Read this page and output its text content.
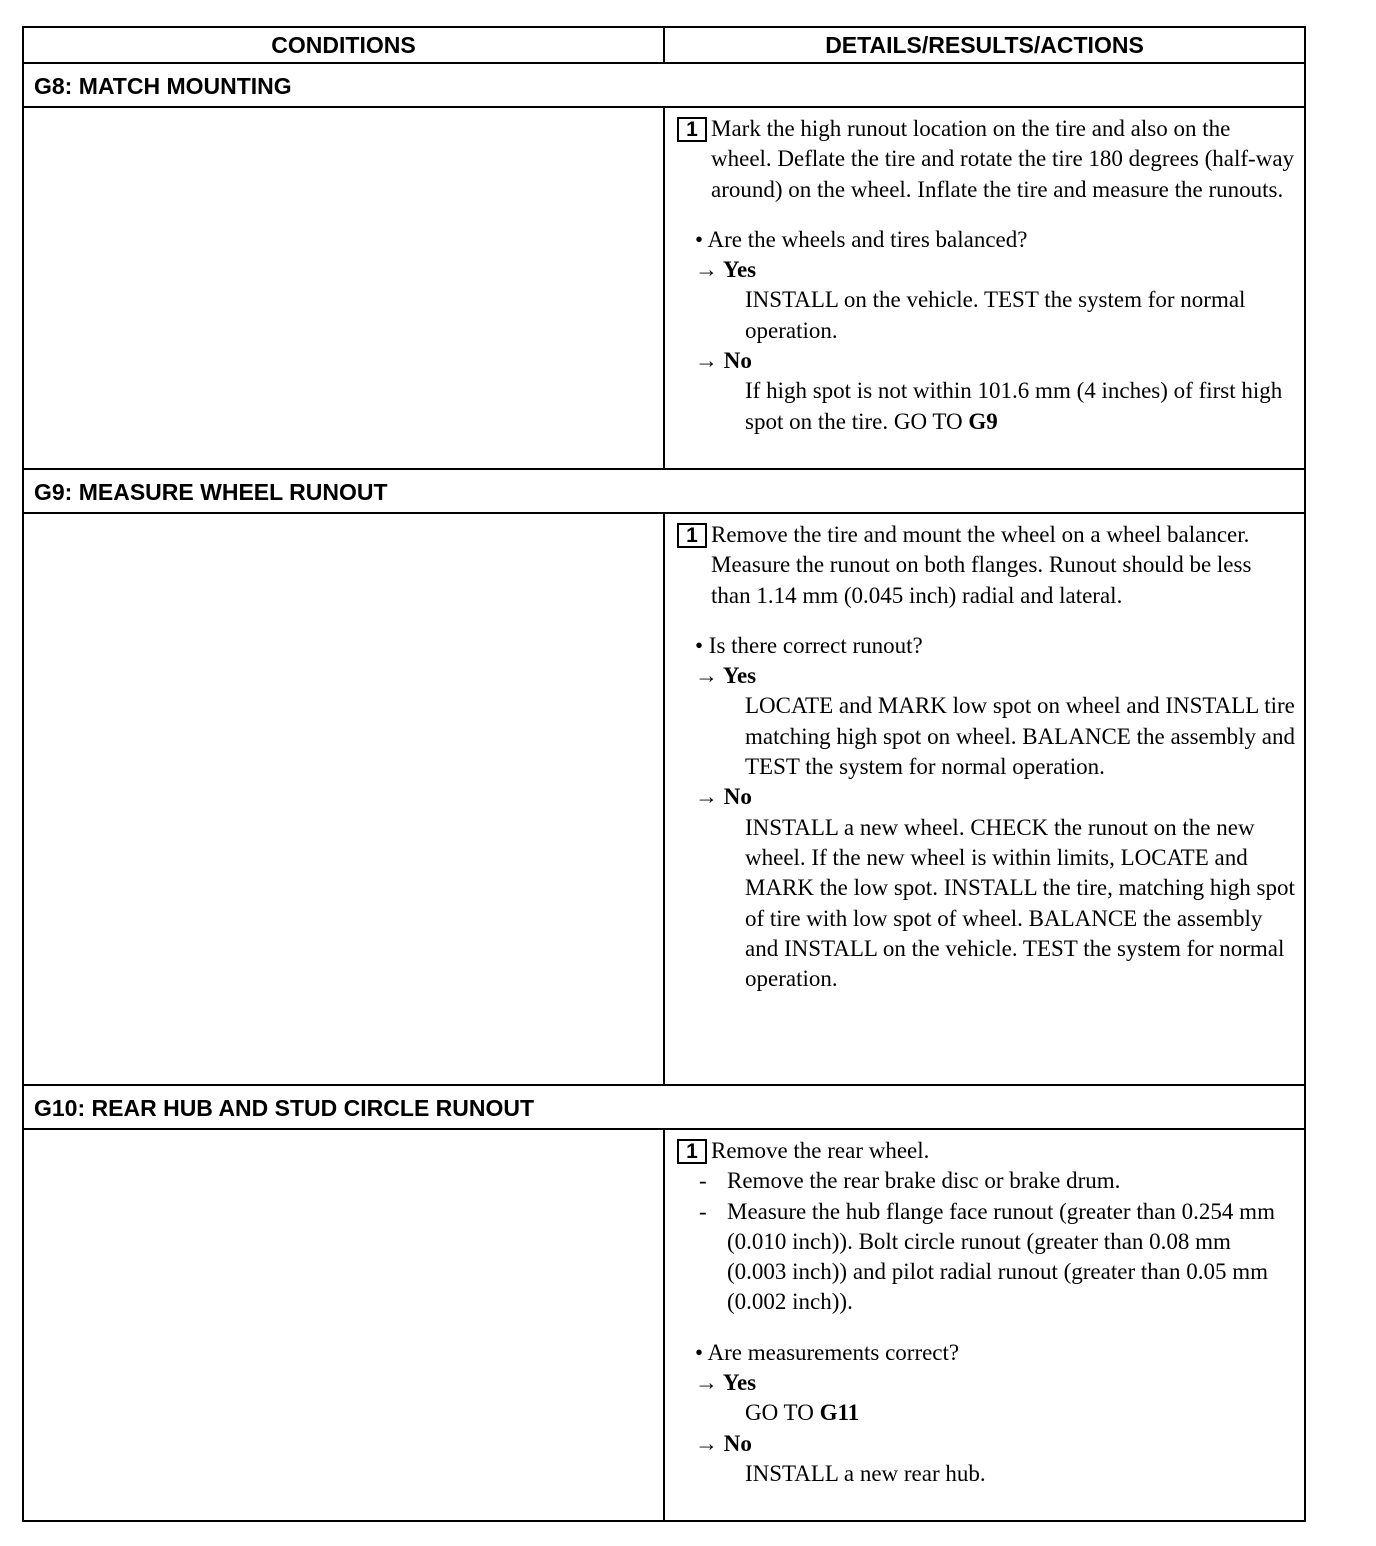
CONDITIONS	DETAILS/RESULTS/ACTIONS
G8: MATCH MOUNTING
1 Mark the high runout location on the tire and also on the wheel. Deflate the tire and rotate the tire 180 degrees (half-way around) on the wheel. Inflate the tire and measure the runouts.
• Are the wheels and tires balanced?
→ Yes
INSTALL on the vehicle. TEST the system for normal operation.
→ No
If high spot is not within 101.6 mm (4 inches) of first high spot on the tire. GO TO G9
G9: MEASURE WHEEL RUNOUT
1 Remove the tire and mount the wheel on a wheel balancer. Measure the runout on both flanges. Runout should be less than 1.14 mm (0.045 inch) radial and lateral.
• Is there correct runout?
→ Yes
LOCATE and MARK low spot on wheel and INSTALL tire matching high spot on wheel. BALANCE the assembly and TEST the system for normal operation.
→ No
INSTALL a new wheel. CHECK the runout on the new wheel. If the new wheel is within limits, LOCATE and MARK the low spot. INSTALL the tire, matching high spot of tire with low spot of wheel. BALANCE the assembly and INSTALL on the vehicle. TEST the system for normal operation.
G10: REAR HUB AND STUD CIRCLE RUNOUT
1 Remove the rear wheel.
- Remove the rear brake disc or brake drum.
- Measure the hub flange face runout (greater than 0.254 mm (0.010 inch)). Bolt circle runout (greater than 0.08 mm (0.003 inch)) and pilot radial runout (greater than 0.05 mm (0.002 inch)).
• Are measurements correct?
→ Yes
GO TO G11
→ No
INSTALL a new rear hub.
